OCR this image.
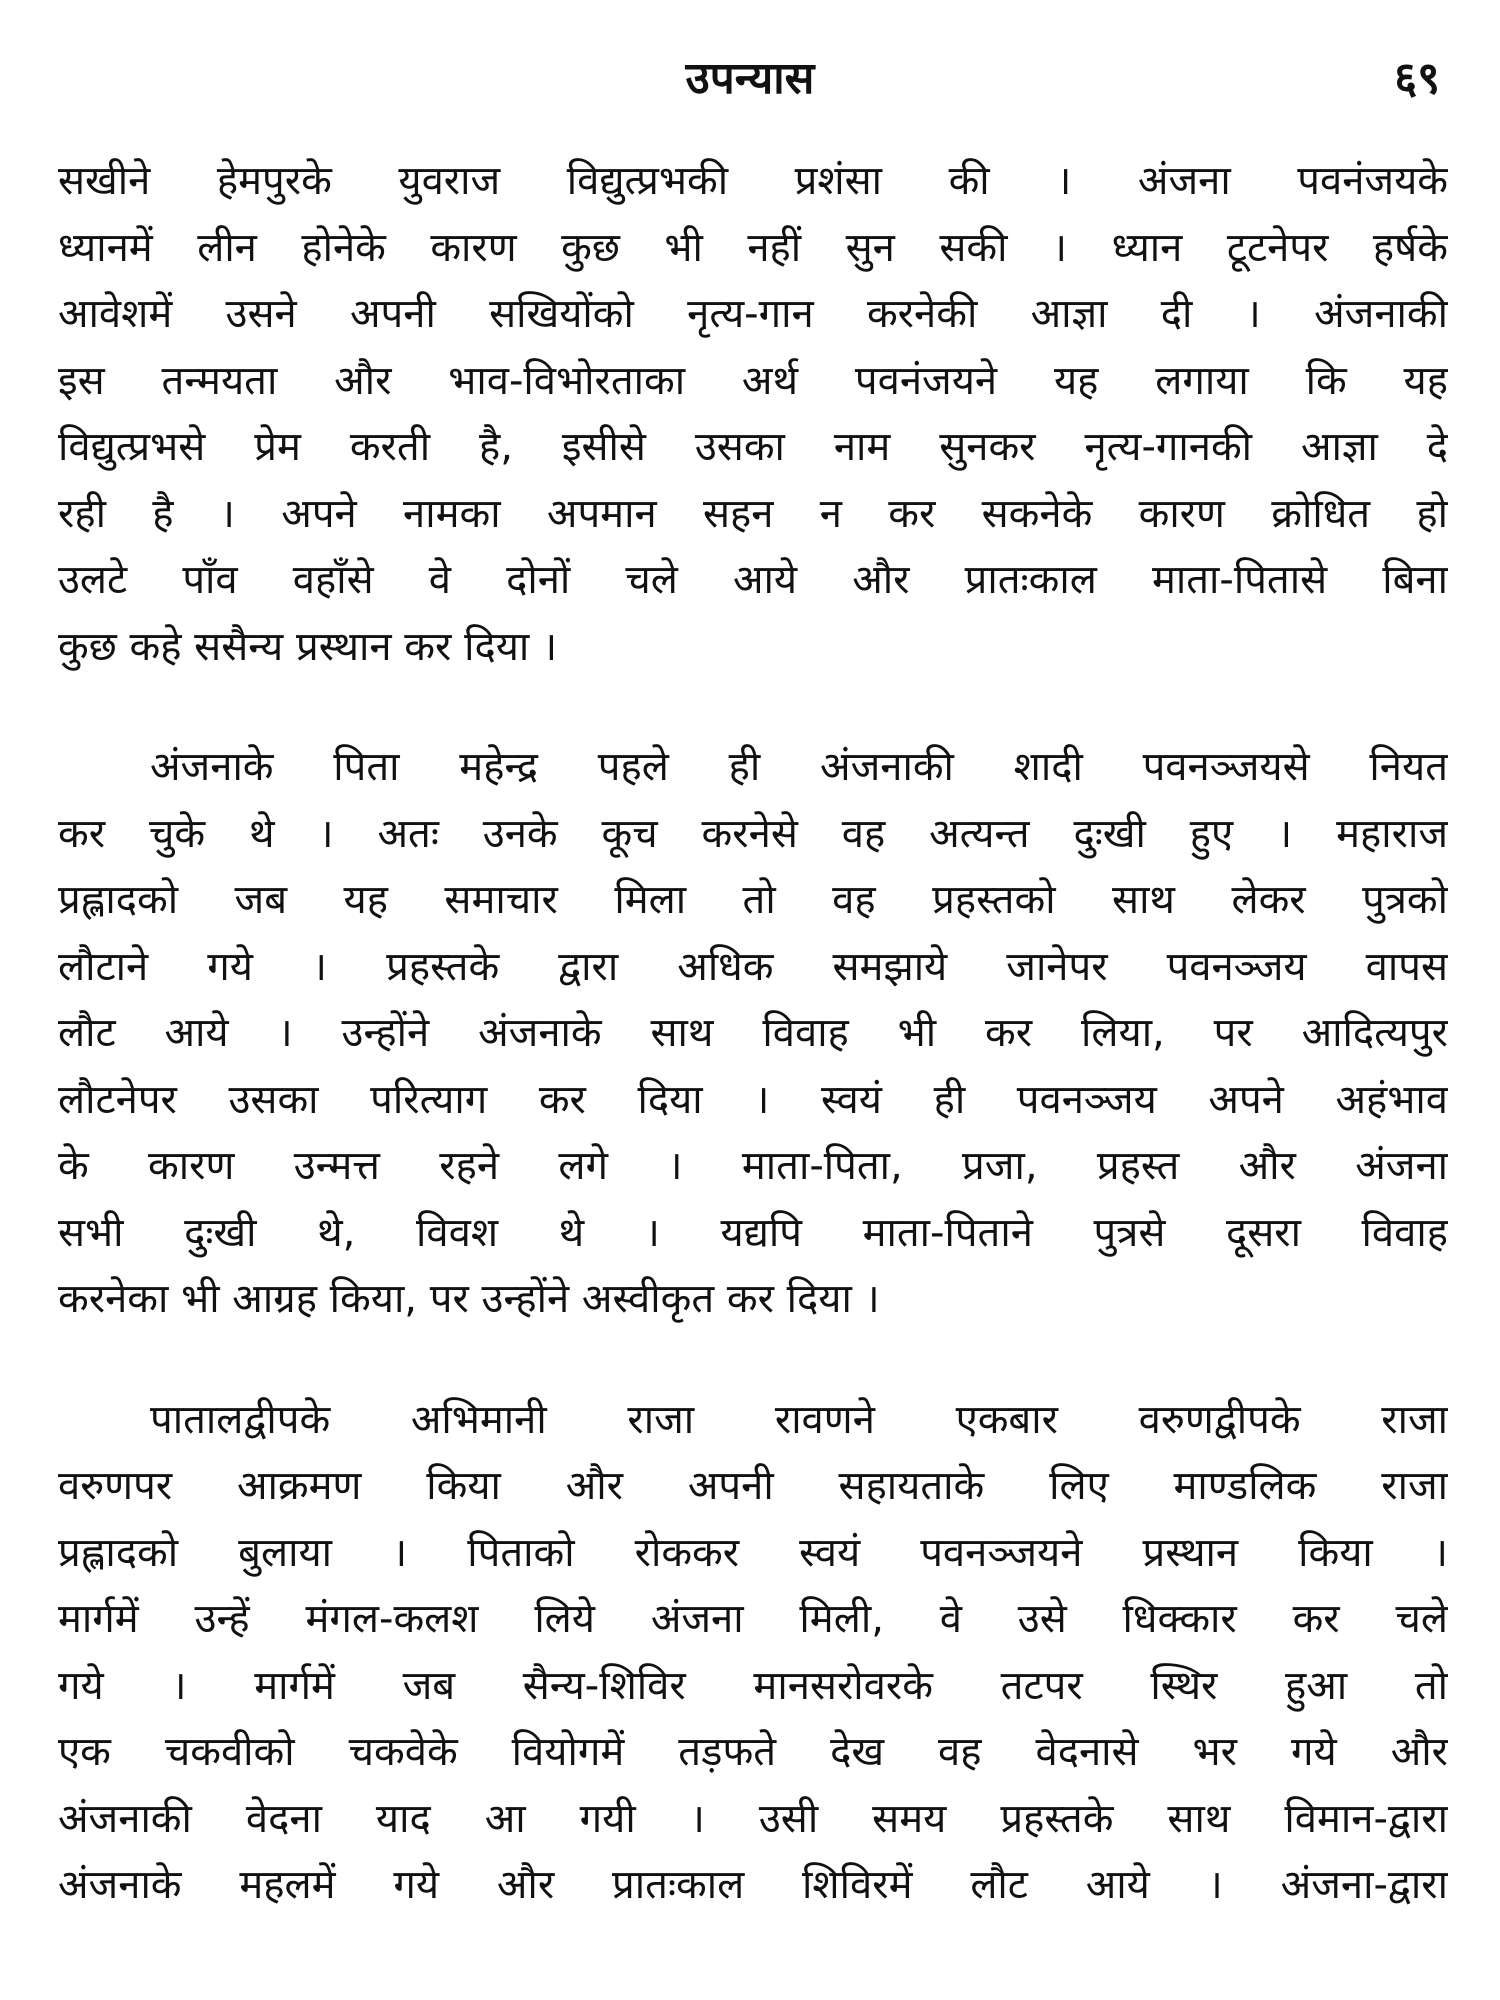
उपन्यास	६९
सखीने हेमपुरके युवराज विद्युत्प्रभकी प्रशंसा की । अंजना पवनंजयके
ध्यानमें लीन होनेके कारण कुछ भी नहीं सुन सकी । ध्यान टूटनेपर हर्षके
आवेशमें उसने अपनी सखियोंको नृत्य-गान करनेकी आज्ञा दी । अंजनाकी
इस तन्मयता और भाव-विभोरताका अर्थ पवनंजयने यह लगाया कि यह
विद्युत्प्रभसे प्रेम करती है, इसीसे उसका नाम सुनकर नृत्य-गानकी आज्ञा दे
रही है । अपने नामका अपमान सहन न कर सकनेके कारण क्रोधित हो
उलटे पाँव वहाँसे वे दोनों चले आये और प्रातःकाल माता-पितासे बिना
कुछ कहे ससैन्य प्रस्थान कर दिया ।
अंजनाके पिता महेन्द्र पहले ही अंजनाकी शादी पवनञ्जयसे नियत
कर चुके थे । अतः उनके कूच करनेसे वह अत्यन्त दुःखी हुए । महाराज
प्रह्लादको जब यह समाचार मिला तो वह प्रहस्तको साथ लेकर पुत्रको
लौटाने गये । प्रहस्तके द्वारा अधिक समझाये जानेपर पवनञ्जय वापस
लौट आये । उन्होंने अंजनाके साथ विवाह भी कर लिया, पर आदित्यपुर
लौटनेपर उसका परित्याग कर दिया । स्वयं ही पवनञ्जय अपने अहंभाव
के कारण उन्मत्त रहने लगे । माता-पिता, प्रजा, प्रहस्त और अंजना
सभी दुःखी थे, विवश थे । यद्यपि माता-पिताने पुत्रसे दूसरा विवाह
करनेका भी आग्रह किया, पर उन्होंने अस्वीकृत कर दिया ।
पातालद्वीपके अभिमानी राजा रावणने एकबार वरुणद्वीपके राजा
वरुणपर आक्रमण किया और अपनी सहायताके लिए माण्डलिक राजा
प्रह्लादको बुलाया । पिताको रोककर स्वयं पवनञ्जयने प्रस्थान किया ।
मार्गमें उन्हें मंगल-कलश लिये अंजना मिली, वे उसे धिक्कार कर चले
गये । मार्गमें जब सैन्य-शिविर मानसरोवरके तटपर स्थिर हुआ तो
एक चकवीको चकवेके वियोगमें तड़फते देख वह वेदनासे भर गये और
अंजनाकी वेदना याद आ गयी । उसी समय प्रहस्तके साथ विमान-द्वारा
अंजनाके महलमें गये और प्रातःकाल शिविरमें लौट आये । अंजना-द्वारा
